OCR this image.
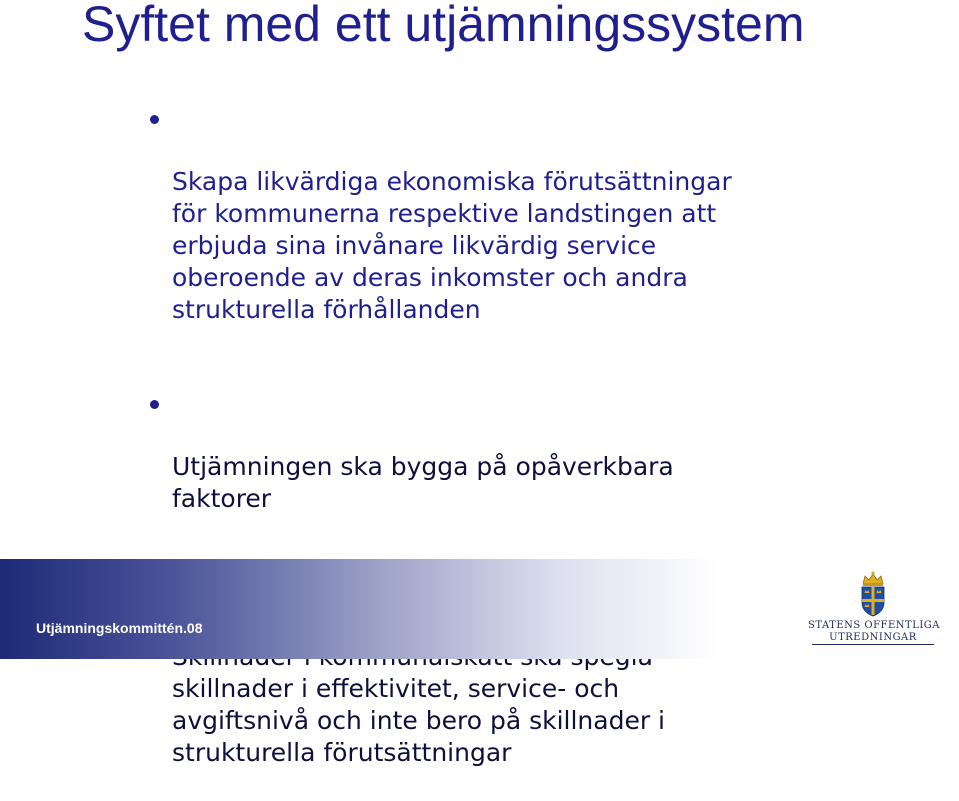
Syftet med ett utjämningssystem

Skapa likvärdiga ekonomiska förutsättningar
för kommunerna respektive landstingen att
erbjuda sina invånare likvärdig service
oberoende av deras inkomster och andra
strukturella förhållanden

Utjämningen ska bygga på opåverkbara
faktorer

skillnader i effektivitet, service- och
avgiftsnivå och inte bero på skillnader i
strukturella förutsättningar

Utjämningskommittén.08	STATENS OFFENTLIGA
UTREDNINGAR
